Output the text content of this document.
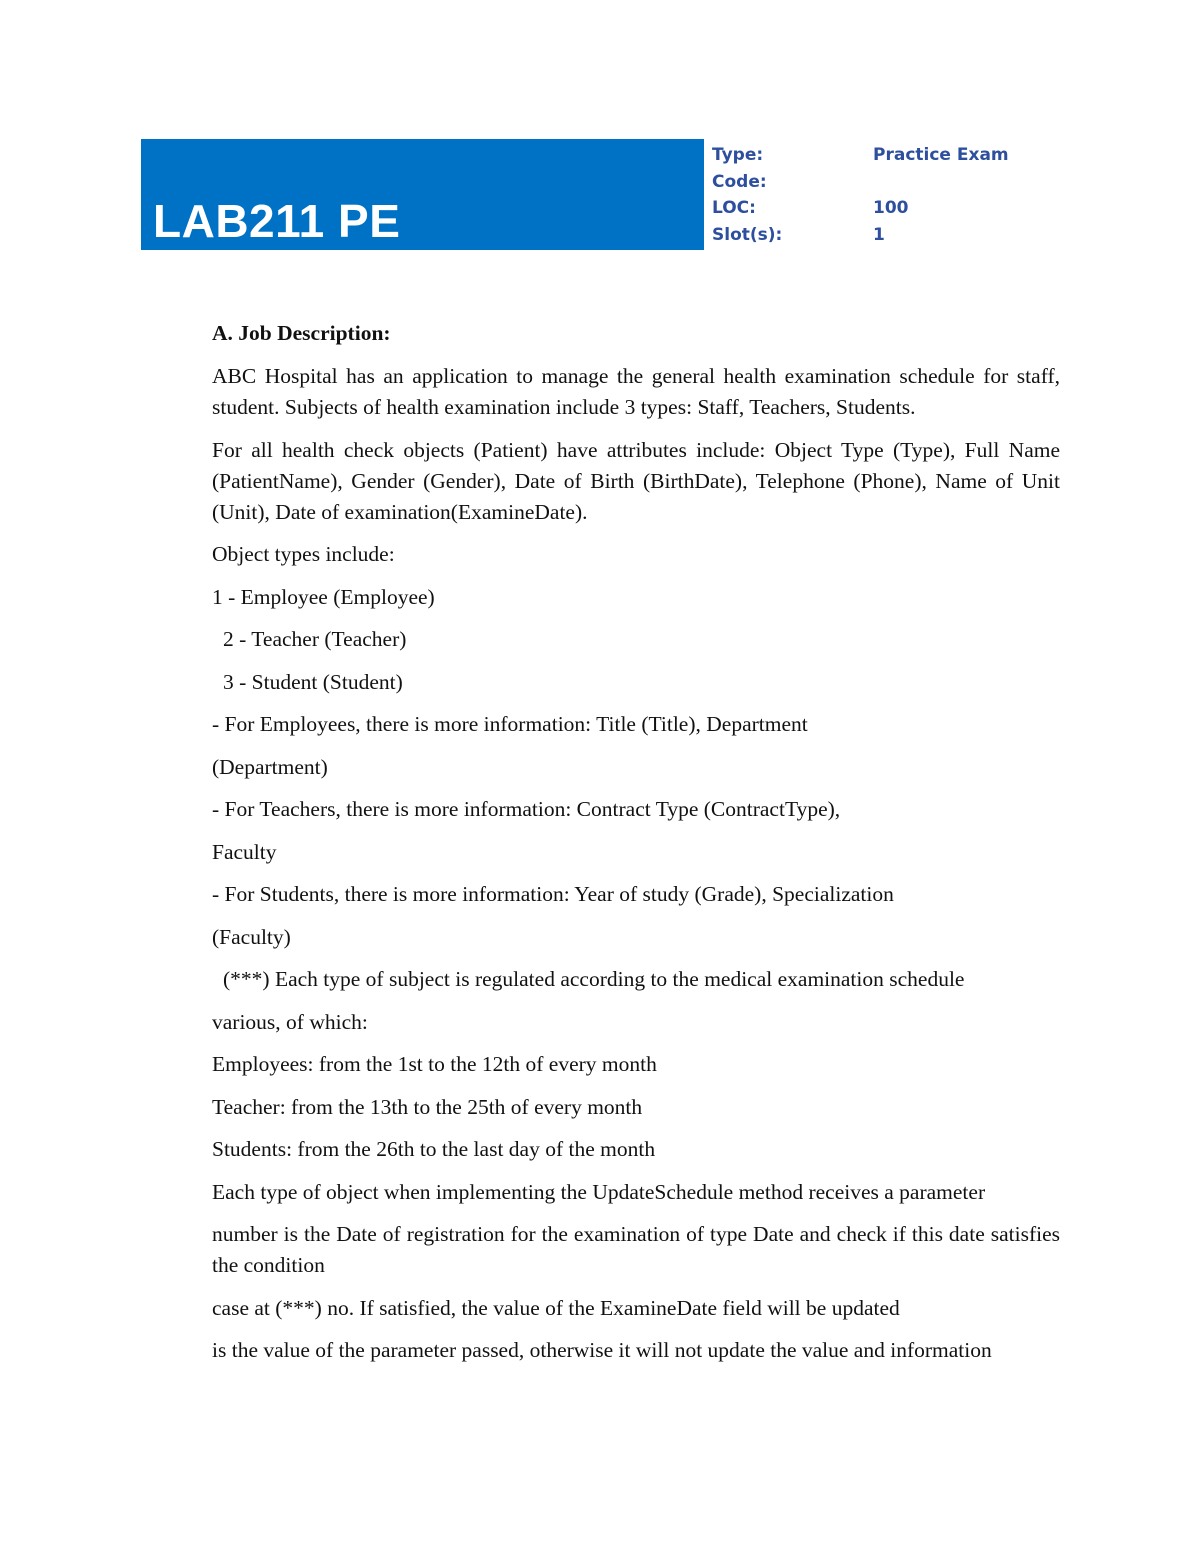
LAB211 PE
Type:	Practice Exam
Code:
LOC:	100
Slot(s):	1
A. Job Description:

ABC Hospital has an application to manage the general health examination schedule for staff, student. Subjects of health examination include 3 types: Staff, Teachers, Students.

For all health check objects (Patient) have attributes include: Object Type (Type), Full Name (PatientName), Gender (Gender), Date of Birth (BirthDate), Telephone (Phone), Name of Unit (Unit), Date of examination(ExamineDate).

Object types include:

1 - Employee (Employee)

2 - Teacher (Teacher)

3 - Student (Student)

- For Employees, there is more information: Title (Title), Department

(Department)

- For Teachers, there is more information: Contract Type (ContractType),

Faculty

- For Students, there is more information: Year of study (Grade), Specialization

(Faculty)

(***) Each type of subject is regulated according to the medical examination schedule

various, of which:

Employees: from the 1st to the 12th of every month

Teacher: from the 13th to the 25th of every month

Students: from the 26th to the last day of the month

Each type of object when implementing the UpdateSchedule method receives a parameter

number is the Date of registration for the examination of type Date and check if this date satisfies the condition

case at (***) no. If satisfied, the value of the ExamineDate field will be updated

is the value of the parameter passed, otherwise it will not update the value and information
